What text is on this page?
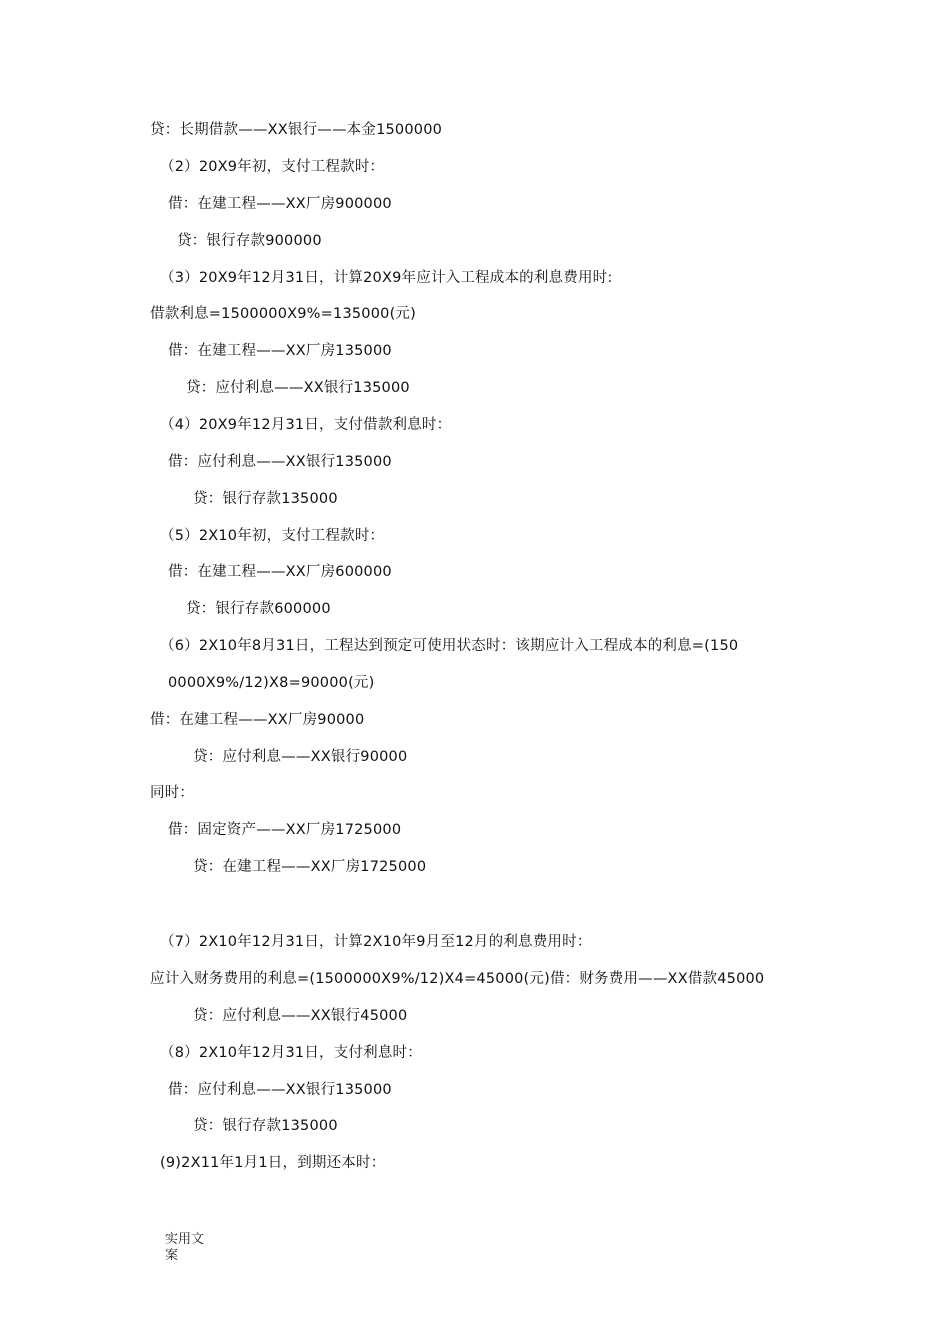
贷：长期借款——XX银行——本金1500000
（2）20X9年初，支付工程款时：
借：在建工程——XX厂房900000
贷：银行存款900000
（3）20X9年12月31日，计算20X9年应计入工程成本的利息费用时:
借款利息=1500000X9%=135000(元)
借：在建工程——XX厂房135000
贷：应付利息——XX银行135000
（4）20X9年12月31日，支付借款利息时：
借：应付利息——XX银行135000
贷：银行存款135000
（5）2X10年初，支付工程款时：
借：在建工程——XX厂房600000
贷：银行存款600000
（6）2X10年8月31日，工程达到预定可使用状态时：该期应计入工程成本的利息=(150
0000X9%/12)X8=90000(元)
借：在建工程——XX厂房90000
贷：应付利息——XX银行90000
同时：
借：固定资产——XX厂房1725000
贷：在建工程——XX厂房1725000
（7）2X10年12月31日，计算2X10年9月至12月的利息费用时：
应计入财务费用的利息=(1500000X9%/12)X4=45000(元)借：财务费用——XX借款45000
贷：应付利息——XX银行45000
（8）2X10年12月31日，支付利息时：
借：应付利息——XX银行135000
贷：银行存款135000
(9)2X11年1月1日，到期还本时：
实用文案
